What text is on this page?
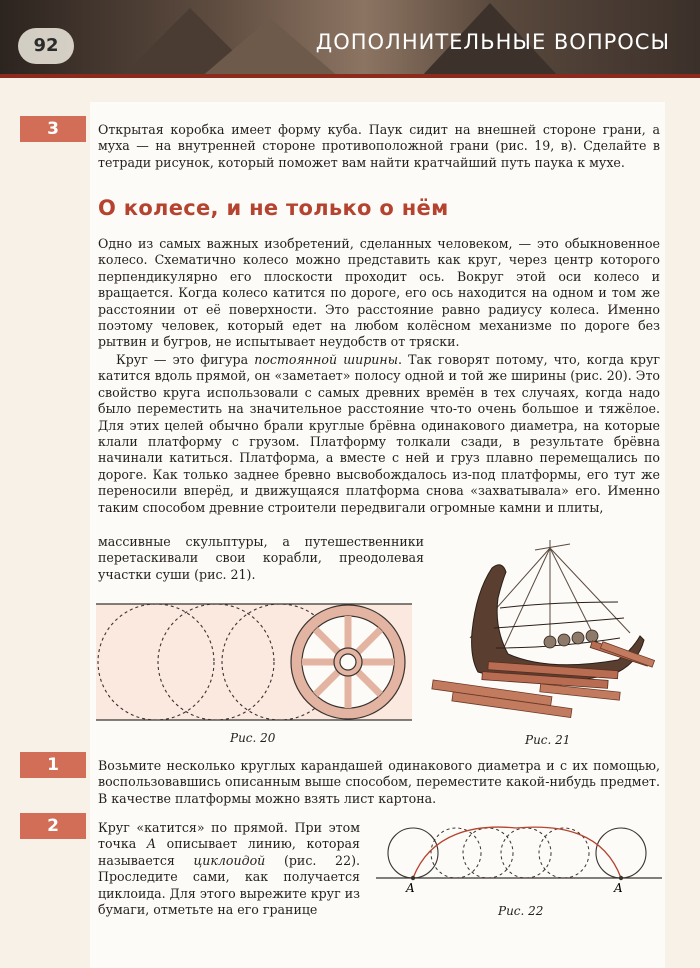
92	ДОПОЛНИТЕЛЬНЫЕ ВОПРОСЫ
3	Открытая коробка имеет форму куба. Паук сидит на внешней стороне грани, а муха — на внутренней стороне противоположной грани (рис. 19, в). Сделайте в тетради рисунок, который поможет вам найти кратчайший путь паука к мухе.

О колесе, и не только о нём

Одно из самых важных изобретений, сделанных человеком, — это обыкновенное колесо. Схематично колесо можно представить как круг, через центр которого перпендикулярно его плоскости проходит ось. Вокруг этой оси колесо и вращается. Когда колесо катится по дороге, его ось находится на одном и том же расстоянии от её поверхности. Это расстояние равно радиусу колеса. Именно поэтому человек, который едет на любом колёсном механизме по дороге без рытвин и бугров, не испытывает неудобств от тряски.

Круг — это фигура постоянной ширины. Так говорят потому, что, когда круг катится вдоль прямой, он «заметает» полосу одной и той же ширины (рис. 20). Это свойство круга использовали с самых древних времён в тех случаях, когда надо было переместить на значительное расстояние что-то очень большое и тяжёлое. Для этих целей обычно брали круглые брёвна одинакового диаметра, на которые клали платформу с грузом. Платформу толкали сзади, в результате брёвна начинали катиться. Платформа, а вместе с ней и груз плавно перемещались по дороге. Как только заднее бревно высвобождалось из-под платформы, его тут же переносили вперёд, и движущаяся платформа снова «захватывала» его. Именно таким способом древние строители передвигали огромные камни и плиты,

массивные скульптуры, а путешественники перетаскивали свои корабли, преодолевая участки суши (рис. 21).

Рис. 20	Рис. 21
1	Возьмите несколько круглых карандашей одинакового диаметра и с их помощью, воспользовавшись описанным выше способом, переместите какой-нибудь предмет. В качестве платформы можно взять лист картона.

2	Круг «катится» по прямой. При этом точка A описывает линию, которая называется циклоидой (рис. 22). Проследите сами, как получается циклоида. Для этого вырежите круг из бумаги, отметьте на его границе

A	A
Рис. 22
